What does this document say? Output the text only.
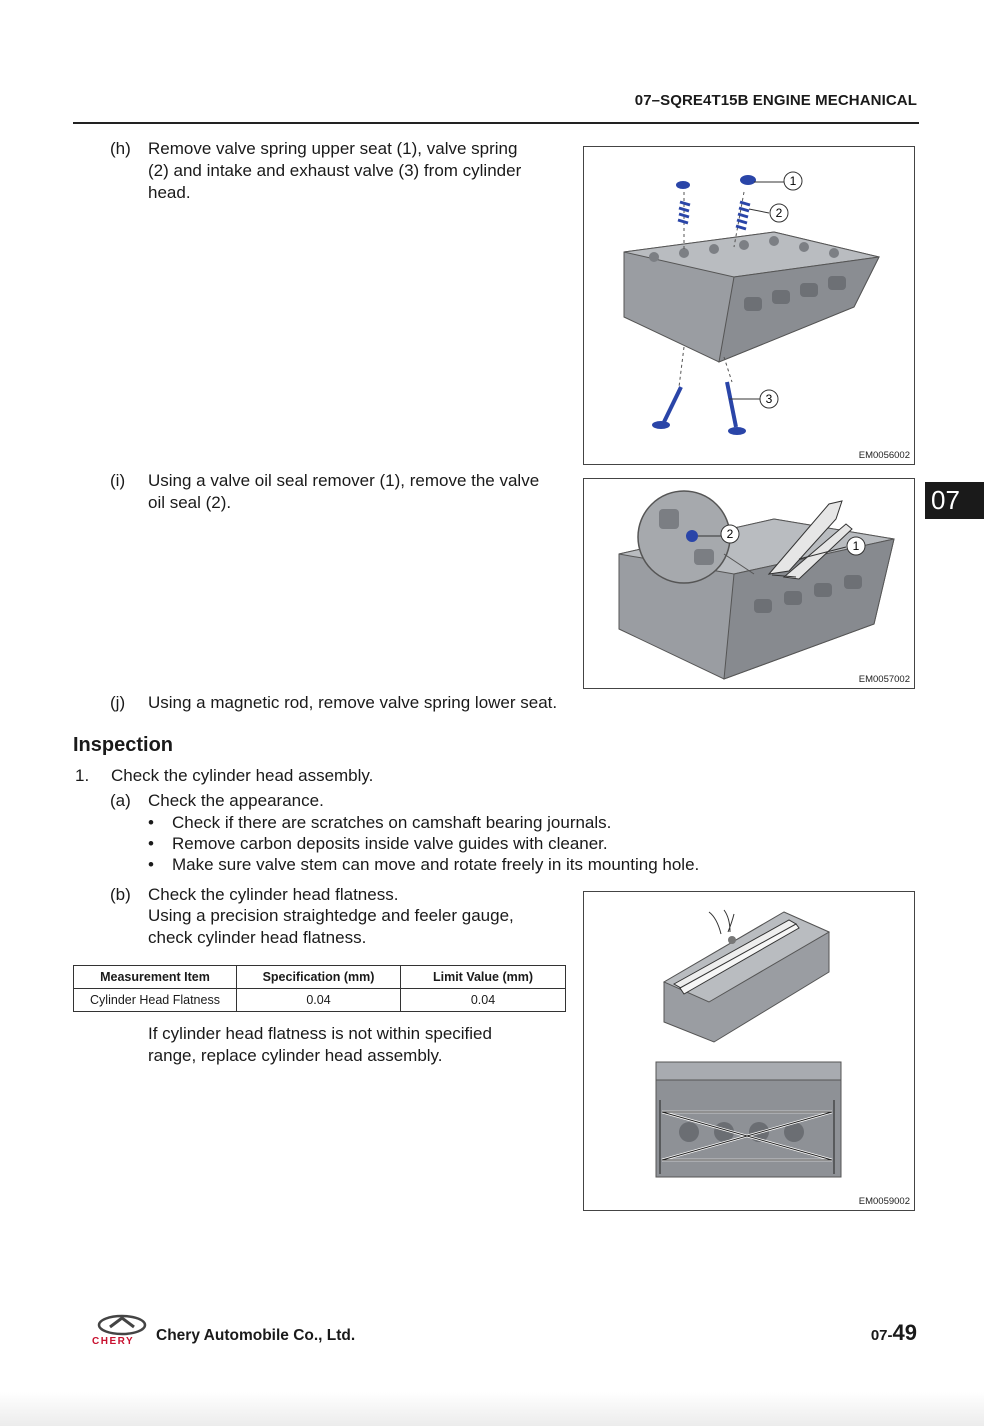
07–SQRE4T15B ENGINE MECHANICAL
(h) Remove valve spring upper seat (1), valve spring
(2) and intake and exhaust valve (3) from cylinder
head.
1
2
3
EM0056002
07
(i) Using a valve oil seal remover (1), remove the valve
oil seal (2).
2
1
EM0057002
(j) Using a magnetic rod, remove valve spring lower seat.
Inspection
1. Check the cylinder head assembly.
(a) Check the appearance.
• Check if there are scratches on camshaft bearing journals.
• Remove carbon deposits inside valve guides with cleaner.
• Make sure valve stem can move and rotate freely in its mounting hole.
(b) Check the cylinder head flatness.
Using a precision straightedge and feeler gauge,
check cylinder head flatness.
Measurement Item	Specification (mm)	Limit Value (mm)
Cylinder Head Flatness	0.04	0.04
If cylinder head flatness is not within specified
range, replace cylinder head assembly.
EM0059002
CHERY Chery Automobile Co., Ltd.	07-49
